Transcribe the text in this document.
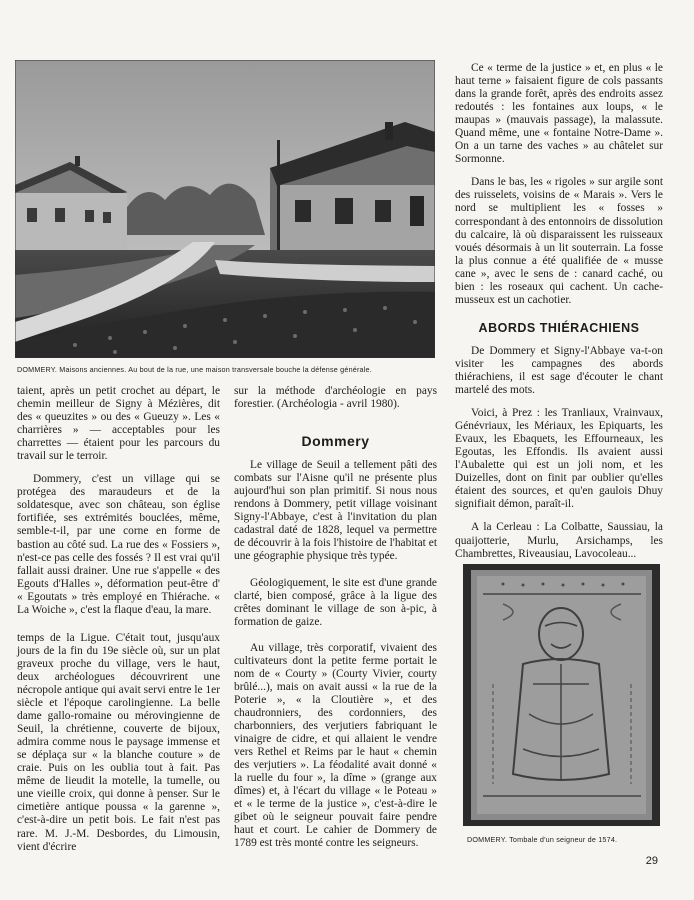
DOMMERY. Maisons anciennes. Au bout de la rue, une maison transversale bouche la défense générale.

taient, après un petit crochet au départ, le chemin meilleur de Signy à Mézières, dit des « queuzites » ou des « Gueuzy ». Les « charrières » — acceptables pour les charrettes — étaient pour les parcours du travail sur le terroir.

Dommery, c'est un village qui se protégea des maraudeurs et de la soldatesque, avec son château, son église fortifiée, ses extrémités bouclées, même, semble-t-il, par une corne en forme de bastion au côté sud. La rue des « Fossiers », n'est-ce pas celle des fossés ? Il est vrai qu'il fallait aussi drainer. Une rue s'appelle « des Egouts d'Halles », déformation peut-être d' « Egoutats » très employé en Thiérache. « La Woiche », c'est la flaque d'eau, la mare.

temps de la Ligue. C'était tout, jusqu'aux jours de la fin du 19e siècle où, sur un plat graveux proche du village, vers le haut, deux archéologues découvrirent une nécropole antique qui avait servi entre le 1er siècle et l'époque carolingienne. La belle dame gallo-romaine ou mérovingienne de Seuil, la chrétienne, couverte de bijoux, admira comme nous le paysage immense et se déplaça sur « la blanche couture » de craie. Puis on les oublia tout à fait. Pas même de lieudit la motelle, la tumelle, ou une vieille croix, qui donne à penser. Sur le cimetière antique poussa « la garenne », c'est-à-dire un petit bois. Le fait n'est pas rare. M. J.-M. Desbordes, du Limousin, vient d'écrire

sur la méthode d'archéologie en pays forestier. (Archéologia - avril 1980).

Dommery

Le village de Seuil a tellement pâti des combats sur l'Aisne qu'il ne présente plus aujourd'hui son plan primitif. Si nous nous rendons à Dommery, petit village voisinant Signy-l'Abbaye, c'est à l'invitation du plan cadastral daté de 1828, lequel va permettre de découvrir à la fois l'histoire de l'habitat et une géographie physique très typée.

Géologiquement, le site est d'une grande clarté, bien composé, grâce à la ligue des crêtes dominant le village de son à-pic, à formation de gaize.

Au village, très corporatif, vivaient des cultivateurs dont la petite ferme portait le nom de « Courty » (Courty Vivier, courty brûlé...), mais on avait aussi « la rue de la Poterie », « la Cloutière », et des chaudronniers, des cordonniers, des charbonniers, des verjutiers fabriquant le vinaigre de cidre, et qui allaient le vendre vers Rethel et Reims par le haut « chemin des verjutiers ». La féodalité avait donné « la ruelle du four », la dîme » (grange aux dîmes) et, à l'écart du village « le Poteau » et « le terme de la justice », c'est-à-dire le gibet où le seigneur pouvait faire pendre haut et court. Le cahier de Dommery de 1789 est très monté contre les seigneurs.

Ce « terme de la justice » et, en plus « le haut terne » faisaient figure de cols passants dans la grande forêt, après des endroits assez redoutés : les fontaines aux loups, « le maupas » (mauvais passage), la malassute. Quand même, une « fontaine Notre-Dame ». On a un tarne des vaches » au châtelet sur Sormonne.

Dans le bas, les « rigoles » sur argile sont des ruisselets, voisins de « Marais ». Vers le nord se multiplient les « fosses » correspondant à des entonnoirs de dissolution du calcaire, là où disparaissent les ruisseaux voués désormais à un lit souterrain. La fosse la plus connue a été qualifiée de « musse cane », avec le sens de : canard caché, ou bien : les roseaux qui cachent. Un cache-musseux est un cachotier.

ABORDS THIÉRACHIENS

De Dommery et Signy-l'Abbaye va-t-on visiter les campagnes des abords thiérachiens, il est sage d'écouter le chant martelé des mots.

Voici, à Prez : les Tranliaux, Vrainvaux, Génévriaux, les Mériaux, les Epiquarts, les Evaux, les Ebaquets, les Effourneaux, les Egoutas, les Effondis. Ils avaient aussi l'Aubalette qui est un joli nom, et les Duizelles, dont on finit par oublier qu'elles étaient des sources, et qu'en gaulois Dhuy signifiait démon, paraît-il.

A la Cerleau : La Colbatte, Saussiau, la quaijotterie, Murlu, Arsichamps, les Chambrettes, Riveausiau, Lavocoleau...

DOMMERY. Tombale d'un seigneur de 1574.
29
